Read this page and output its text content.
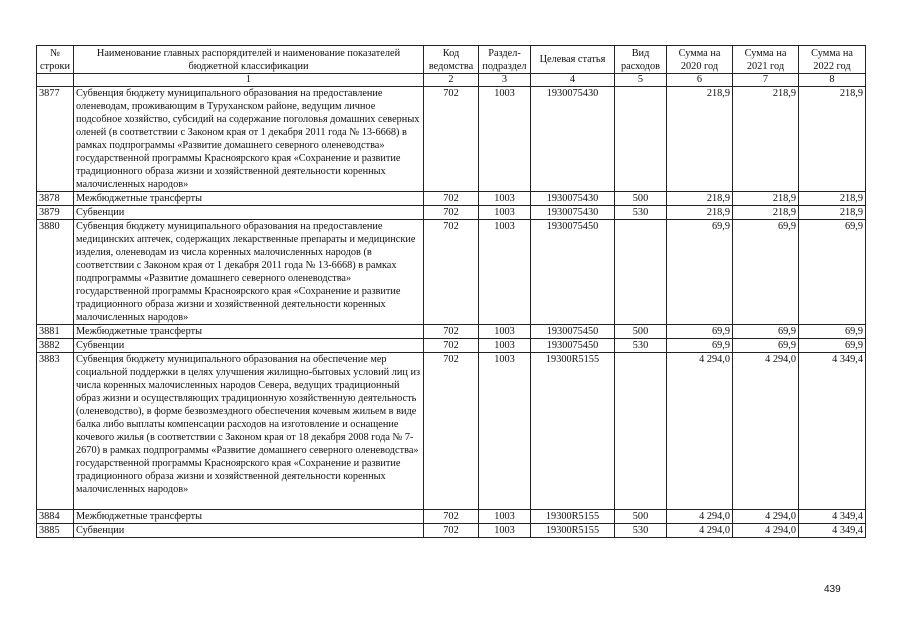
№ строки	Наименование главных распорядителей и наименование показателей бюджетной классификации	Код ведомства	Раздел-подраздел	Целевая статья	Вид расходов	Сумма на 2020 год	Сумма на 2021 год	Сумма на 2022 год
	1	2	3	4	5	6	7	8
3877	Субвенция бюджету муниципального образования на предоставление оленеводам, проживающим в Туруханском районе, ведущим личное подсобное хозяйство, субсидий на содержание поголовья домашних северных оленей (в соответствии с Законом края от 1 декабря 2011 года № 13-6668) в рамках подпрограммы «Развитие домашнего северного оленеводства» государственной программы Красноярского края «Сохранение и развитие традиционного образа жизни и хозяйственной деятельности коренных малочисленных народов»	702	1003	1930075430		218,9	218,9	218,9
3878	Межбюджетные трансферты	702	1003	1930075430	500	218,9	218,9	218,9
3879	Субвенции	702	1003	1930075430	530	218,9	218,9	218,9
3880	Субвенция бюджету муниципального образования на предоставление медицинских аптечек, содержащих лекарственные препараты и медицинские изделия, оленеводам из числа коренных малочисленных народов (в соответствии с Законом края от 1 декабря 2011 года № 13-6668) в рамках подпрограммы «Развитие домашнего северного оленеводства» государственной программы Красноярского края «Сохранение и развитие традиционного образа жизни и хозяйственной деятельности коренных малочисленных народов»	702	1003	1930075450		69,9	69,9	69,9
3881	Межбюджетные трансферты	702	1003	1930075450	500	69,9	69,9	69,9
3882	Субвенции	702	1003	1930075450	530	69,9	69,9	69,9
3883	Субвенция бюджету муниципального образования на обеспечение мер социальной поддержки в целях улучшения жилищно-бытовых условий лиц из числа коренных малочисленных народов Севера, ведущих традиционный образ жизни и осуществляющих традиционную хозяйственную деятельность (оленеводство), в форме безвозмездного обеспечения кочевым жильем в виде балка либо выплаты компенсации расходов на изготовление и оснащение кочевого жилья (в соответствии с Законом края от 18 декабря 2008 года № 7-2670) в рамках подпрограммы «Развитие домашнего северного оленеводства» государственной программы Красноярского края «Сохранение и развитие традиционного образа жизни и хозяйственной деятельности коренных малочисленных народов»	702	1003	19300R5155		4 294,0	4 294,0	4 349,4
3884	Межбюджетные трансферты	702	1003	19300R5155	500	4 294,0	4 294,0	4 349,4
3885	Субвенции	702	1003	19300R5155	530	4 294,0	4 294,0	4 349,4
439
